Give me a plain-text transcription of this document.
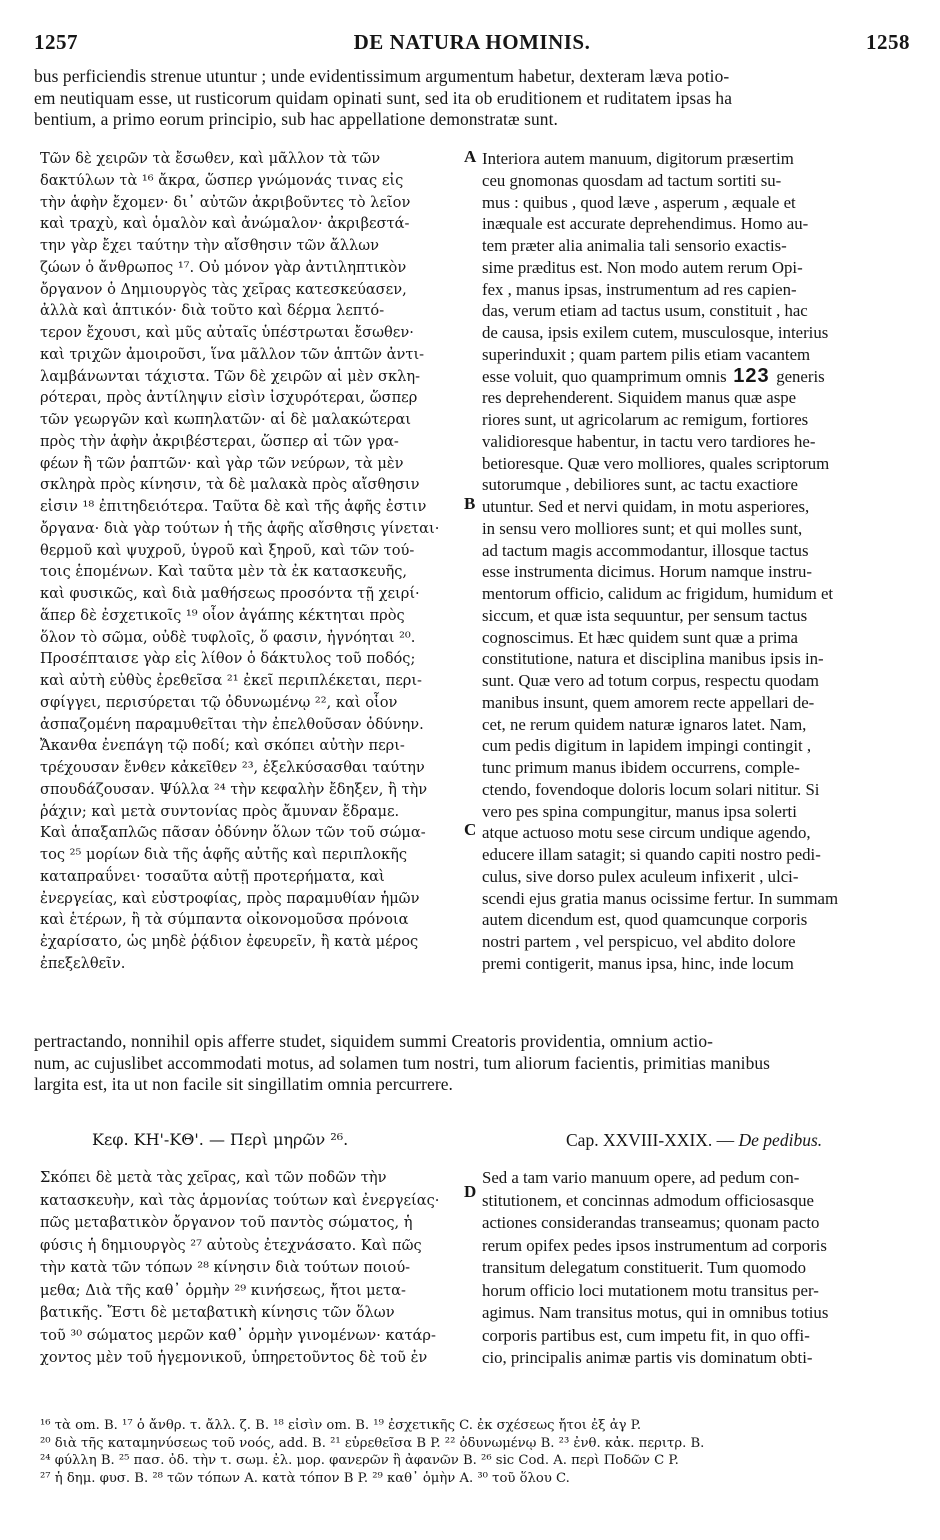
1257	DE NATURA HOMINIS.	1258
bus perficiendis strenue utuntur ; unde evidentissimum argumentum habetur, dexteram læva potio-
em neutiquam esse, ut rusticorum quidam opinati sunt, sed ita ob eruditionem et ruditatem ipsas ha
bentium, a primo eorum principio, sub hac appellatione demonstratæ sunt.
Τῶν δὲ χειρῶν τὰ ἔσωθεν, καὶ μᾶλλον τὰ τῶν
δακτύλων τὰ ¹⁶ ἄκρα, ὥσπερ γνώμονάς τινας εἰς
τὴν ἁφὴν ἔχομεν· δι᾽ αὐτῶν ἀκριβοῦντες τὸ λεῖον
καὶ τραχὺ, καὶ ὁμαλὸν καὶ ἀνώμαλον· ἀκριβεστά-
την γὰρ ἔχει ταύτην τὴν αἴσθησιν τῶν ἄλλων
ζώων ὁ ἄνθρωπος ¹⁷. Οὐ μόνον γὰρ ἀντιληπτικὸν
ὄργανον ὁ Δημιουργὸς τὰς χεῖρας κατεσκεύασεν,
ἀλλὰ καὶ ἁπτικόν· διὰ τοῦτο καὶ δέρμα λεπτό-
τερον ἔχουσι, καὶ μῦς αὐταῖς ὑπέστρωται ἔσωθεν·
καὶ τριχῶν ἀμοιροῦσι, ἵνα μᾶλλον τῶν ἁπτῶν ἀντι-
λαμβάνωνται τάχιστα. Τῶν δὲ χειρῶν αἱ μὲν σκλη-
ρότεραι, πρὸς ἀντίληψιν εἰσὶν ἰσχυρότεραι, ὥσπερ
τῶν γεωργῶν καὶ κωπηλατῶν· αἱ δὲ μαλακώτεραι
πρὸς τὴν ἁφὴν ἀκριβέστεραι, ὥσπερ αἱ τῶν γρα-
φέων ἢ τῶν ῥαπτῶν· καὶ γὰρ τῶν νεύρων, τὰ μὲν
σκληρὰ πρὸς κίνησιν, τὰ δὲ μαλακὰ πρὸς αἴσθησιν
εἰσιν ¹⁸ ἐπιτηδειότερα. Ταῦτα δὲ καὶ τῆς ἁφῆς ἐστιν
ὄργανα· διὰ γὰρ τούτων ἡ τῆς ἁφῆς αἴσθησις γίνεται·
θερμοῦ καὶ ψυχροῦ, ὑγροῦ καὶ ξηροῦ, καὶ τῶν τού-
τοις ἑπομένων. Καὶ ταῦτα μὲν τὰ ἐκ κατασκευῆς,
καὶ φυσικῶς, καὶ διὰ μαθήσεως προσόντα τῇ χειρί·
ἅπερ δὲ ἐσχετικοῖς ¹⁹ οἷον ἀγάπης κέκτηται πρὸς
ὅλον τὸ σῶμα, οὐδὲ τυφλοῖς, ὅ φασιν, ἠγνόηται ²⁰.
Προσέπταισε γὰρ εἰς λίθον ὁ δάκτυλος τοῦ ποδός;
καὶ αὐτὴ εὐθὺς ἐρεθεῖσα ²¹ ἐκεῖ περιπλέκεται, περι-
σφίγγει, περισύρεται τῷ ὀδυνωμένῳ ²², καὶ οἷον
ἀσπαζομένη παραμυθεῖται τὴν ἐπελθοῦσαν ὀδύνην.
Ἄκανθα ἐνεπάγη τῷ ποδί; καὶ σκόπει αὐτὴν περι-
τρέχουσαν ἔνθεν κἀκεῖθεν ²³, ἐξελκύσασθαι ταύτην
σπουδάζουσαν. Ψύλλα ²⁴ τὴν κεφαλὴν ἔδηξεν, ἢ τὴν
ῥάχιν; καὶ μετὰ συντονίας πρὸς ἄμυναν ἔδραμε.
Καὶ ἁπαξαπλῶς πᾶσαν ὀδύνην ὅλων τῶν τοῦ σώμα-
τος ²⁵ μορίων διὰ τῆς ἁφῆς αὐτῆς καὶ περιπλοκῆς
καταπραΰνει· τοσαῦτα αὐτῇ προτερήματα, καὶ
ἐνεργείας, καὶ εὐστροφίας, πρὸς παραμυθίαν ἡμῶν
καὶ ἑτέρων, ἢ τὰ σύμπαντα οἰκονομοῦσα πρόνοια
ἐχαρίσατο, ὡς μηδὲ ῥᾴδιον ἐφευρεῖν, ἢ κατὰ μέρος
ἐπεξελθεῖν.
Interiora autem manuum, digitorum præsertim
ceu gnomonas quosdam ad tactum sortiti su-
mus : quibus , quod læve , asperum , æquale et
inæquale est accurate deprehendimus. Homo au-
tem præter alia animalia tali sensorio exactis-
sime præditus est. Non modo autem rerum Opi-
fex , manus ipsas, instrumentum ad res capien-
das, verum etiam ad tactus usum, constituit , hac
de causa, ipsis exilem cutem, musculosque, interius
superinduxit ; quam partem pilis etiam vacantem
esse voluit, quo quamprimum omnis 123 generis
res deprehenderent. Siquidem manus quæ aspe
riores sunt, ut agricolarum ac remigum, fortiores
validioresque habentur, in tactu vero tardiores he-
betioresque. Quæ vero molliores, quales scriptorum
sutorumque , debiliores sunt, ac tactu exactiore
utuntur. Sed et nervi quidam, in motu asperiores,
in sensu vero molliores sunt; et qui molles sunt,
ad tactum magis accommodantur, illosque tactus
esse instrumenta dicimus. Horum namque instru-
mentorum officio, calidum ac frigidum, humidum et
siccum, et quæ ista sequuntur, per sensum tactus
cognoscimus. Et hæc quidem sunt quæ a prima
constitutione, natura et disciplina manibus ipsis in-
sunt. Quæ vero ad totum corpus, respectu quodam
manibus insunt, quem amorem recte appellari de-
cet, ne rerum quidem naturæ ignaros latet. Nam,
cum pedis digitum in lapidem impingi contingit ,
tunc primum manus ibidem occurrens, comple-
ctendo, fovendoque doloris locum solari nititur. Si
vero pes spina compungitur, manus ipsa solerti
atque actuoso motu sese circum undique agendo,
educere illam satagit; si quando capiti nostro pedi-
culus, sive dorso pulex aculeum infixerit , ulci-
scendi ejus gratia manus ocissime fertur. In summam
autem dicendum est, quod quamcunque corporis
nostri partem , vel perspicuo, vel abdito dolore
premi contigerit, manus ipsa, hinc, inde locum
A
B
C
D
pertractando, nonnihil opis afferre studet, siquidem summi Creatoris providentia, omnium actio-
num, ac cujuslibet accommodati motus, ad solamen tum nostri, tum aliorum facientis, primitias manibus
largita est, ita ut non facile sit singillatim omnia percurrere.
Κεφ. ΚΗ'-ΚΘ'. — Περὶ μηρῶν ²⁶.	Cap. XXVIII-XXIX. — De pedibus.
Σκόπει δὲ μετὰ τὰς χεῖρας, καὶ τῶν ποδῶν τὴν
κατασκευὴν, καὶ τὰς ἁρμονίας τούτων καὶ ἐνεργείας·
πῶς μεταβατικὸν ὄργανον τοῦ παντὸς σώματος, ἡ
φύσις ἡ δημιουργὸς ²⁷ αὐτοὺς ἐτεχνάσατο. Καὶ πῶς
τὴν κατὰ τῶν τόπων ²⁸ κίνησιν διὰ τούτων ποιού-
μεθα; Διὰ τῆς καθ᾽ ὁρμὴν ²⁹ κινήσεως, ἤτοι μετα-
βατικῆς. Ἔστι δὲ μεταβατικὴ κίνησις τῶν ὅλων
τοῦ ³⁰ σώματος μερῶν καθ᾽ ὁρμὴν γινομένων· κατάρ-
χοντος μὲν τοῦ ἡγεμονικοῦ, ὑπηρετοῦντος δὲ τοῦ ἐν
Sed a tam vario manuum opere, ad pedum con-
stitutionem, et concinnas admodum officiosasque
actiones considerandas transeamus; quonam pacto
rerum opifex pedes ipsos instrumentum ad corporis
transitum delegatum constituerit. Tum quomodo
horum officio loci mutationem motu transitus per-
agimus. Nam transitus motus, qui in omnibus totius
corporis partibus est, cum impetu fit, in quo offi-
cio, principalis animæ partis vis dominatum obti-
¹⁶ τὰ om. B. ¹⁷ ὁ ἄνθρ. τ. ἄλλ. ζ. B. ¹⁸ εἰσὶν om. B. ¹⁹ ἐσχετικῆς C. ἐκ σχέσεως ἤτοι ἐξ ἀγ P.
²⁰ διὰ τῆς καταμηνύσεως τοῦ νοός, add. B. ²¹ εὑρεθεῖσα B P. ²² ὀδυνωμένῳ B. ²³ ἐνθ. κἀκ. περιτρ. B.
²⁴ φύλλη B. ²⁵ πασ. ὀδ. τὴν τ. σωμ. ἐλ. μορ. φανερῶν ἢ ἀφανῶν B. ²⁶ sic Cod. A. περὶ Ποδῶν C P.
²⁷ ἡ δημ. φυσ. B. ²⁸ τῶν τόπων A. κατὰ τόπον B P. ²⁹ καθ᾽ ὁμὴν A. ³⁰ τοῦ ὅλου C.
